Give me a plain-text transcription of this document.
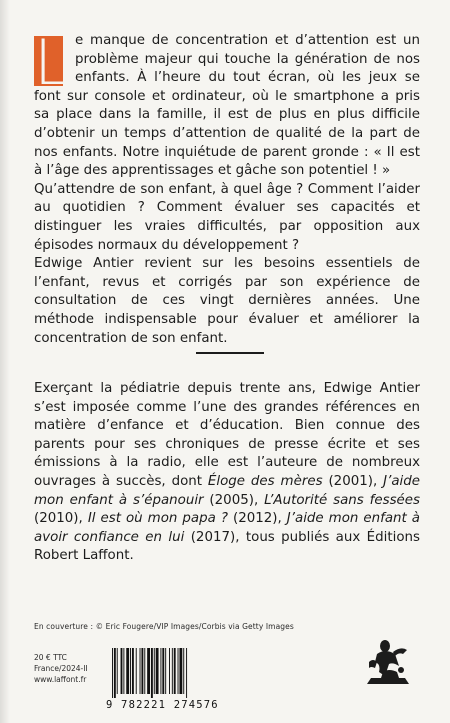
L e manque de concentration et d’attention est un problème majeur qui touche la génération de nos enfants. À l’heure du tout écran, où les jeux se font sur console et ordinateur, où le smartphone a pris sa place dans la famille, il est de plus en plus difficile d’obtenir un temps d’attention de qualité de la part de nos enfants. Notre inquiétude de parent gronde : « Il est à l’âge des apprentissages et gâche son potentiel ! »
Qu’attendre de son enfant, à quel âge ? Comment l’aider au quotidien ? Comment évaluer ses capacités et distinguer les vraies difficultés, par opposition aux épisodes normaux du développement ?
Edwige Antier revient sur les besoins essentiels de l’enfant, revus et corrigés par son expérience de consultation de ces vingt dernières années. Une méthode indispensable pour évaluer et améliorer la concentration de son enfant.

Exerçant la pédiatrie depuis trente ans, Edwige Antier s’est imposée comme l’une des grandes références en matière d’enfance et d’éducation. Bien connue des parents pour ses chroniques de presse écrite et ses émissions à la radio, elle est l’auteure de nombreux ouvrages à succès, dont Éloge des mères (2001), J’aide mon enfant à s’épanouir (2005), L’Autorité sans fessées (2010), Il est où mon papa ? (2012), J’aide mon enfant à avoir confiance en lui (2017), tous publiés aux Éditions Robert Laffont.

En couverture : © Eric Fougere/VIP Images/Corbis via Getty Images
20 € TTC
France/2024-II
www.laffont.fr
9 782221 274576
